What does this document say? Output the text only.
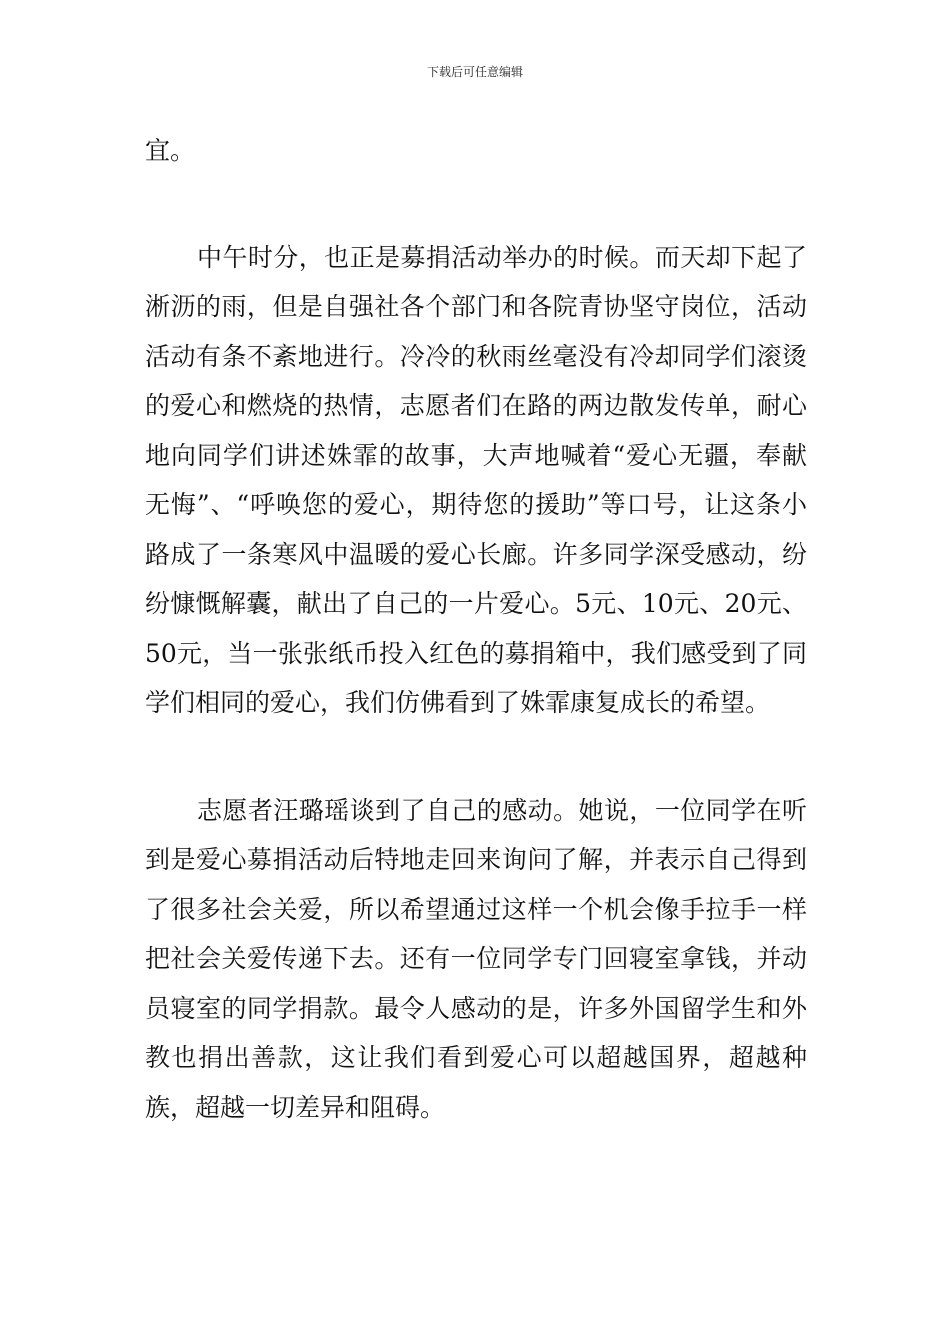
下载后可任意编辑

宜。

中午时分，也正是募捐活动举办的时候。而天却下起了淅沥的雨，但是自强社各个部门和各院青协坚守岗位，活动活动有条不紊地进行。冷冷的秋雨丝毫没有冷却同学们滚烫的爱心和燃烧的热情，志愿者们在路的两边散发传单，耐心地向同学们讲述姝霏的故事，大声地喊着“爱心无疆，奉献无悔”、“呼唤您的爱心，期待您的援助”等口号，让这条小路成了一条寒风中温暖的爱心长廊。许多同学深受感动，纷纷慷慨解囊，献出了自己的一片爱心。5元、10元、20元、50元，当一张张纸币投入红色的募捐箱中，我们感受到了同学们相同的爱心，我们仿佛看到了姝霏康复成长的希望。

志愿者汪璐瑶谈到了自己的感动。她说，一位同学在听到是爱心募捐活动后特地走回来询问了解，并表示自己得到了很多社会关爱，所以希望通过这样一个机会像手拉手一样把社会关爱传递下去。还有一位同学专门回寝室拿钱，并动员寝室的同学捐款。最令人感动的是，许多外国留学生和外教也捐出善款，这让我们看到爱心可以超越国界，超越种族，超越一切差异和阻碍。
